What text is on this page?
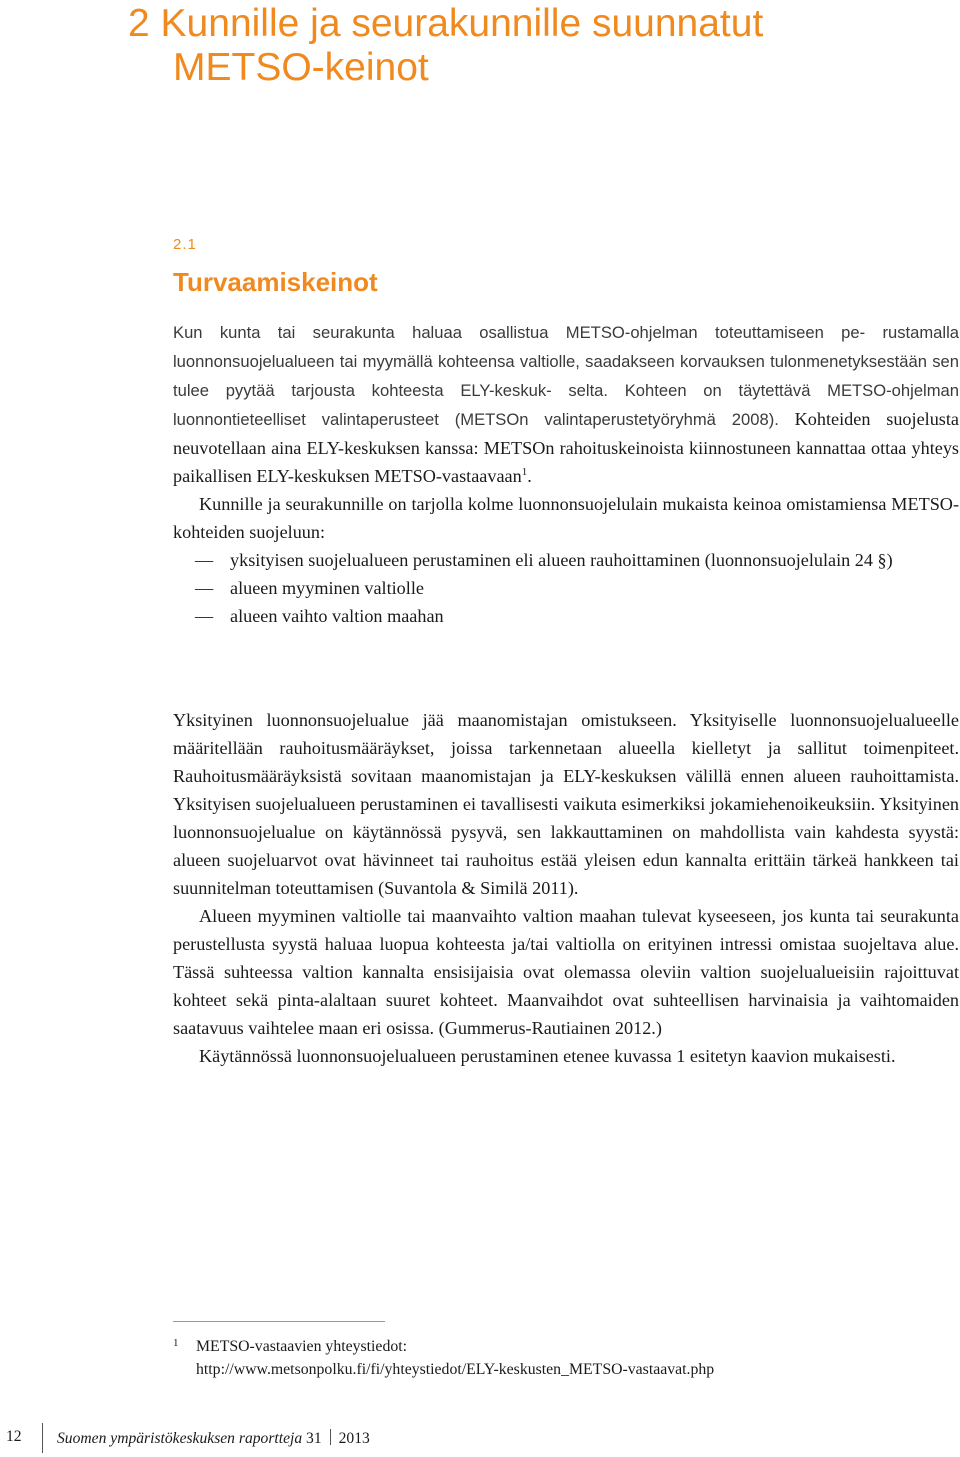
2 Kunnille ja seurakunnille suunnatut
METSO-keinot
2.1
Turvaamiskeinot

Kun kunta tai seurakunta haluaa osallistua METSO-ohjelman toteuttamiseen pe- rustamalla luonnonsuojelualueen tai myymällä kohteensa valtiolle, saadakseen korvauksen tulonmenetyksestään sen tulee pyytää tarjousta kohteesta ELY-keskuk- selta. Kohteen on täytettävä METSO-ohjelman luonnontieteelliset valintaperusteet (METSOn valintaperustetyöryhmä 2008). Kohteiden suojelusta neuvotellaan aina ELY-keskuksen kanssa: METSOn rahoituskeinoista kiinnostuneen kannattaa ottaa yhteys paikallisen ELY-keskuksen METSO-vastaavaan$^1$.

Kunnille ja seurakunnille on tarjolla kolme luonnonsuojelulain mukaista keinoa omistamiensa METSO-kohteiden suojeluun:

— yksityisen suojelualueen perustaminen eli alueen rauhoittaminen (luonnonsuojelulain 24 §)
— alueen myyminen valtiolle
— alueen vaihto valtion maahan

Yksityinen luonnonsuojelualue jää maanomistajan omistukseen. Yksityiselle luonnonsuojelualueelle määritellään rauhoitusmääräykset, joissa tarkennetaan alueella kielletyt ja sallitut toimenpiteet. Rauhoitusmääräyksistä sovitaan maanomistajan ja ELY-keskuksen välillä ennen alueen rauhoittamista. Yksityisen suojelualueen perustaminen ei tavallisesti vaikuta esimerkiksi jokamiehenoikeuksiin. Yksityinen luonnonsuojelualue on käytännössä pysyvä, sen lakkauttaminen on mahdollista vain kahdesta syystä: alueen suojeluarvot ovat hävinneet tai rauhoitus estää yleisen edun kannalta erittäin tärkeä hankkeen tai suunnitelman toteuttamisen (Suvantola & Similä 2011).

Alueen myyminen valtiolle tai maanvaihto valtion maahan tulevat kyseeseen, jos kunta tai seurakunta perustellusta syystä haluaa luopua kohteesta ja/tai valtiolla on erityinen intressi omistaa suojeltava alue. Tässä suhteessa valtion kannalta ensisijaisia ovat olemassa oleviin valtion suojelualueisiin rajoittuvat kohteet sekä pinta-alaltaan suuret kohteet. Maanvaihdot ovat suhteellisen harvinaisia ja vaihtomaiden saatavuus vaihtelee maan eri osissa. (Gummerus-Rautiainen 2012.)

Käytännössä luonnonsuojelualueen perustaminen etenee kuvassa 1 esitetyn kaavion mukaisesti.

1 METSO-vastaavien yhteystiedot:
http://www.metsonpolku.fi/fi/yhteystiedot/ELY-keskusten_METSO-vastaavat.php
12 Suomen ympäristökeskuksen raportteja 31 2013
